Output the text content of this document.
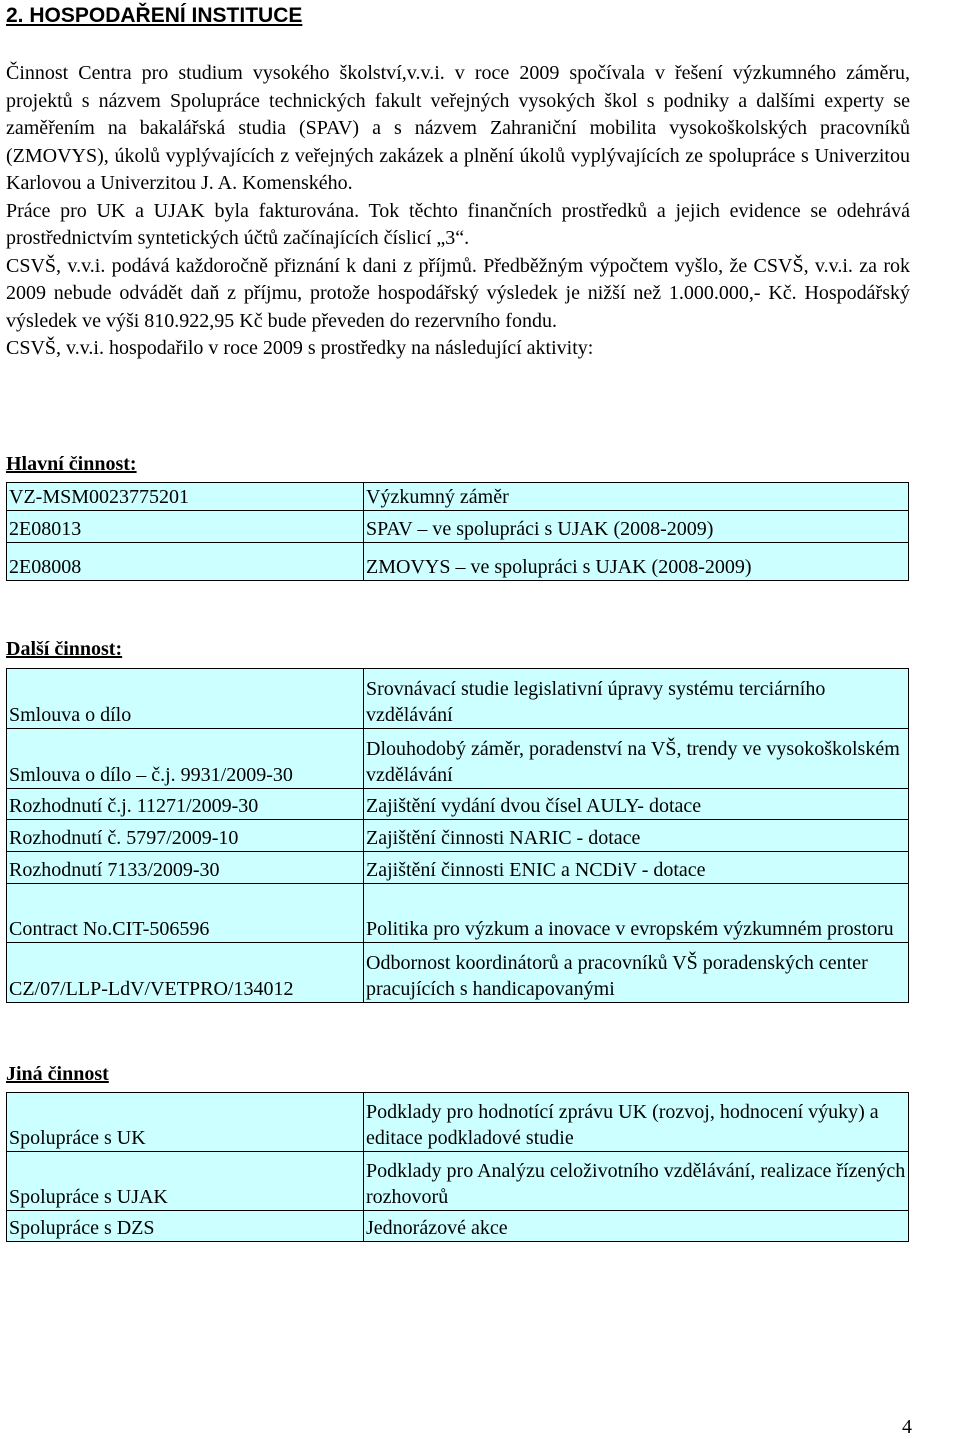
2. HOSPODAŘENÍ INSTITUCE

Činnost Centra pro studium vysokého školství,v.v.i. v roce 2009 spočívala v řešení výzkumného záměru, projektů s názvem Spolupráce technických fakult veřejných vysokých škol s podniky a dalšími experty se zaměřením na bakalářská studia (SPAV) a s názvem Zahraniční mobilita vysokoškolských pracovníků (ZMOVYS), úkolů vyplývajících z veřejných zakázek a plnění úkolů vyplývajících ze spolupráce s Univerzitou Karlovou a Univerzitou J. A. Komenského.

Práce pro UK a UJAK byla fakturována. Tok těchto finančních prostředků a jejich evidence se odehrává prostřednictvím syntetických účtů začínajících číslicí „3“.

CSVŠ, v.v.i. podává každoročně přiznání k dani z příjmů. Předběžným výpočtem vyšlo, že CSVŠ, v.v.i. za rok 2009 nebude odvádět daň z příjmu, protože hospodářský výsledek je nižší než 1.000.000,- Kč. Hospodářský výsledek ve výši 810.922,95 Kč bude převeden do rezervního fondu.

CSVŠ, v.v.i. hospodařilo v roce 2009 s prostředky na následující aktivity:

Hlavní činnost:
VZ-MSM0023775201	Výzkumný záměr
2E08013	SPAV – ve spolupráci s UJAK (2008-2009)
2E08008	ZMOVYS – ve spolupráci s UJAK (2008-2009)
Další činnost:
Smlouva o dílo	Srovnávací studie legislativní úpravy systému terciárního vzdělávání
Smlouva o dílo – č.j. 9931/2009-30	Dlouhodobý záměr, poradenství na VŠ, trendy ve vysokoškolském vzdělávání
Rozhodnutí č.j. 11271/2009-30	Zajištění vydání dvou čísel AULY- dotace
Rozhodnutí č. 5797/2009-10	Zajištění činnosti NARIC - dotace
Rozhodnutí 7133/2009-30	Zajištění činnosti ENIC a NCDiV - dotace
Contract No.CIT-506596	Politika pro výzkum a inovace v evropském výzkumném prostoru
CZ/07/LLP-LdV/VETPRO/134012	Odbornost koordinátorů a pracovníků VŠ poradenských center pracujících s handicapovanými
Jiná činnost
Spolupráce s UK	Podklady pro hodnotící zprávu UK (rozvoj, hodnocení výuky) a editace podkladové studie
Spolupráce s UJAK	Podklady pro Analýzu celoživotního vzdělávání, realizace řízených rozhovorů
Spolupráce s DZS	Jednorázové akce
4
